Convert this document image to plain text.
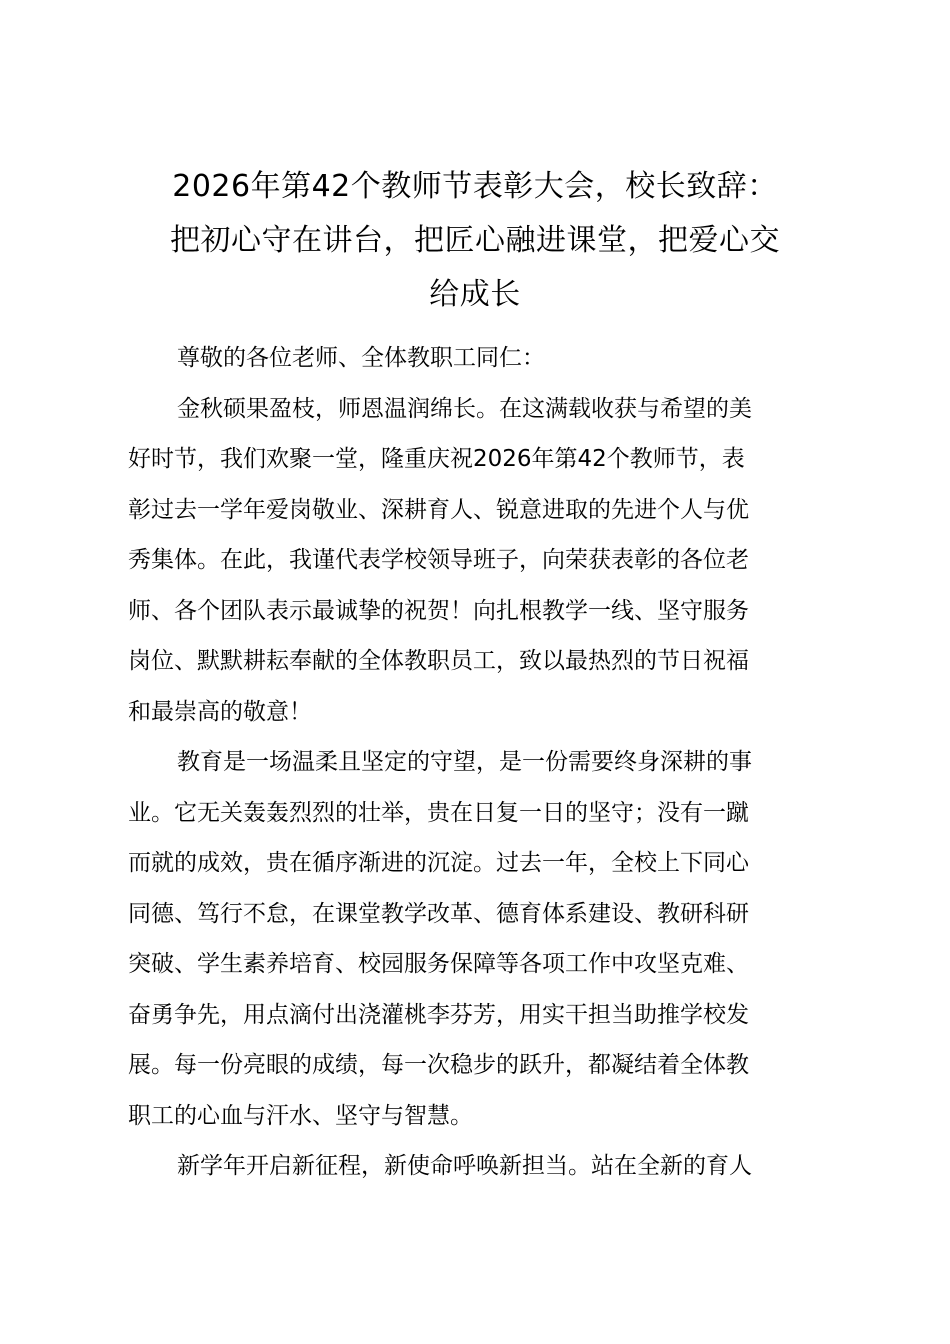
2026年第42个教师节表彰大会，校长致辞：
把初心守在讲台，把匠心融进课堂，把爱心交
给成长

尊敬的各位老师、全体教职工同仁：

金秋硕果盈枝，师恩温润绵长。在这满载收获与希望的美
好时节，我们欢聚一堂，隆重庆祝2026年第42个教师节，表
彰过去一学年爱岗敬业、深耕育人、锐意进取的先进个人与优
秀集体。在此，我谨代表学校领导班子，向荣获表彰的各位老
师、各个团队表示最诚挚的祝贺！向扎根教学一线、坚守服务
岗位、默默耕耘奉献的全体教职员工，致以最热烈的节日祝福
和最崇高的敬意！

教育是一场温柔且坚定的守望，是一份需要终身深耕的事
业。它无关轰轰烈烈的壮举，贵在日复一日的坚守；没有一蹴
而就的成效，贵在循序渐进的沉淀。过去一年，全校上下同心
同德、笃行不怠，在课堂教学改革、德育体系建设、教研科研
突破、学生素养培育、校园服务保障等各项工作中攻坚克难、
奋勇争先，用点滴付出浇灌桃李芬芳，用实干担当助推学校发
展。每一份亮眼的成绩，每一次稳步的跃升，都凝结着全体教
职工的心血与汗水、坚守与智慧。

新学年开启新征程，新使命呼唤新担当。站在全新的育人
